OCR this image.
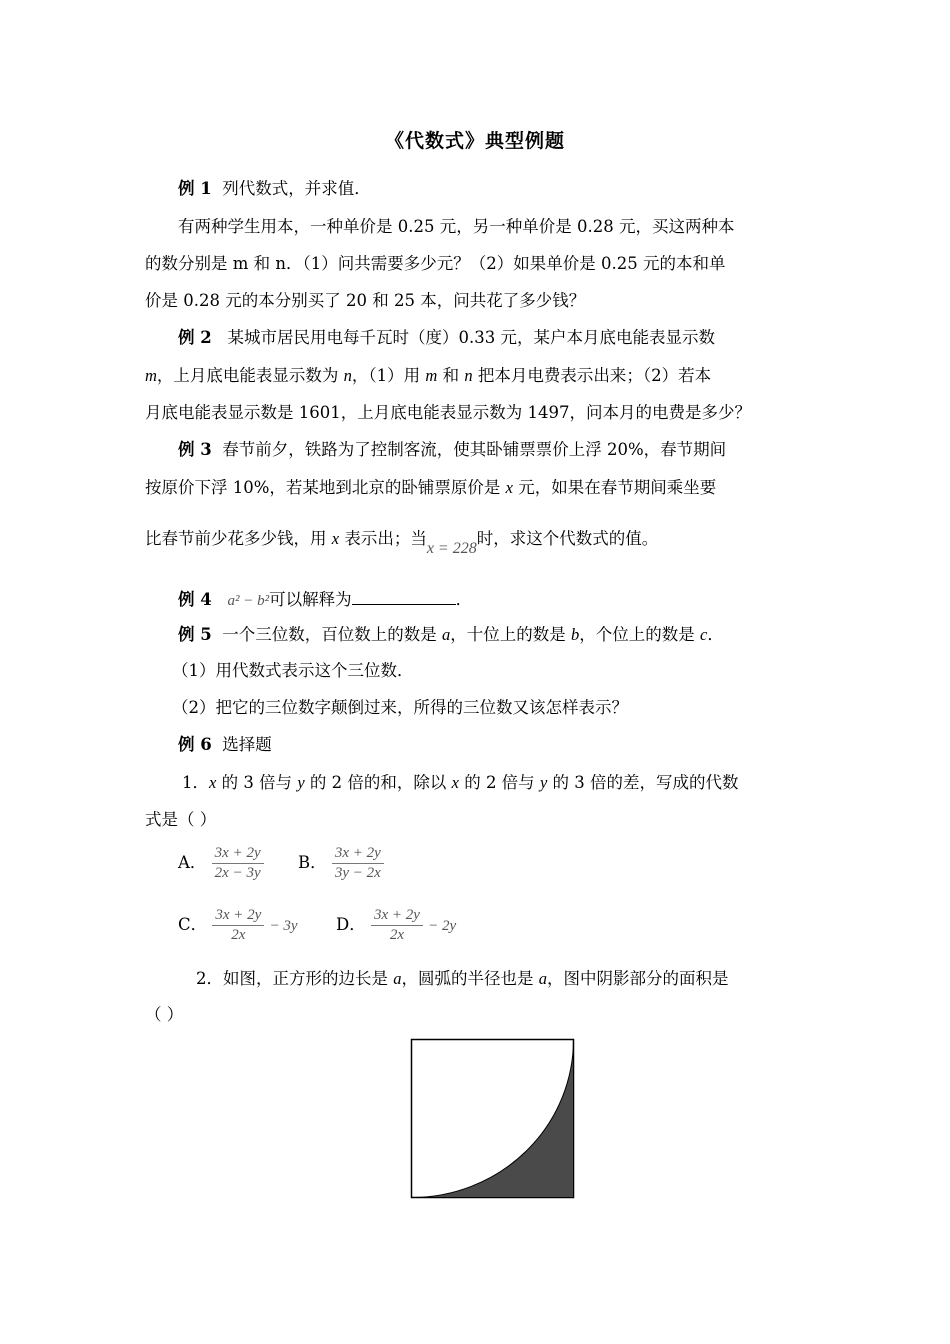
《代数式》典型例题
例 1 列代数式，并求值．
有两种学生用本，一种单价是 0.25 元，另一种单价是 0.28 元，买这两种本
的数分别是 m 和 n．（1）问共需要多少元？（2）如果单价是 0.25 元的本和单
价是 0.28 元的本分别买了 20 和 25 本，问共花了多少钱？
例 2 某城市居民用电每千瓦时（度）0.33 元，某户本月底电能表显示数
m，上月底电能表显示数为 n，（1）用 m 和 n 把本月电费表示出来；（2）若本
月底电能表显示数是 1601，上月底电能表显示数为 1497，问本月的电费是多少？
例 3 春节前夕，铁路为了控制客流，使其卧铺票票价上浮 20%，春节期间
按原价下浮 10%，若某地到北京的卧铺票原价是 x 元，如果在春节期间乘坐要
比春节前少花多少钱，用 x 表示出；当x = 228时，求这个代数式的值。
例 4 a² − b²可以解释为	．
例 5 一个三位数，百位数上的数是 a，十位上的数是 b，个位上的数是 c．
（1）用代数式表示这个三位数．
（2）把它的三位数字颠倒过来，所得的三位数又该怎样表示？
例 6 选择题
1．x 的 3 倍与 y 的 2 倍的和，除以 x 的 2 倍与 y 的 3 倍的差，写成的代数
式是（ ）
A． $\frac{3x + 2y}{2x - 3y}$ B． $\frac{3x + 2y}{3y - 2x}$
C． $\frac{3x + 2y}{2x} - 3y$ D． $\frac{3x + 2y}{2x} - 2y$
2．如图，正方形的边长是 a，圆弧的半径也是 a，图中阴影部分的面积是
（ ）
